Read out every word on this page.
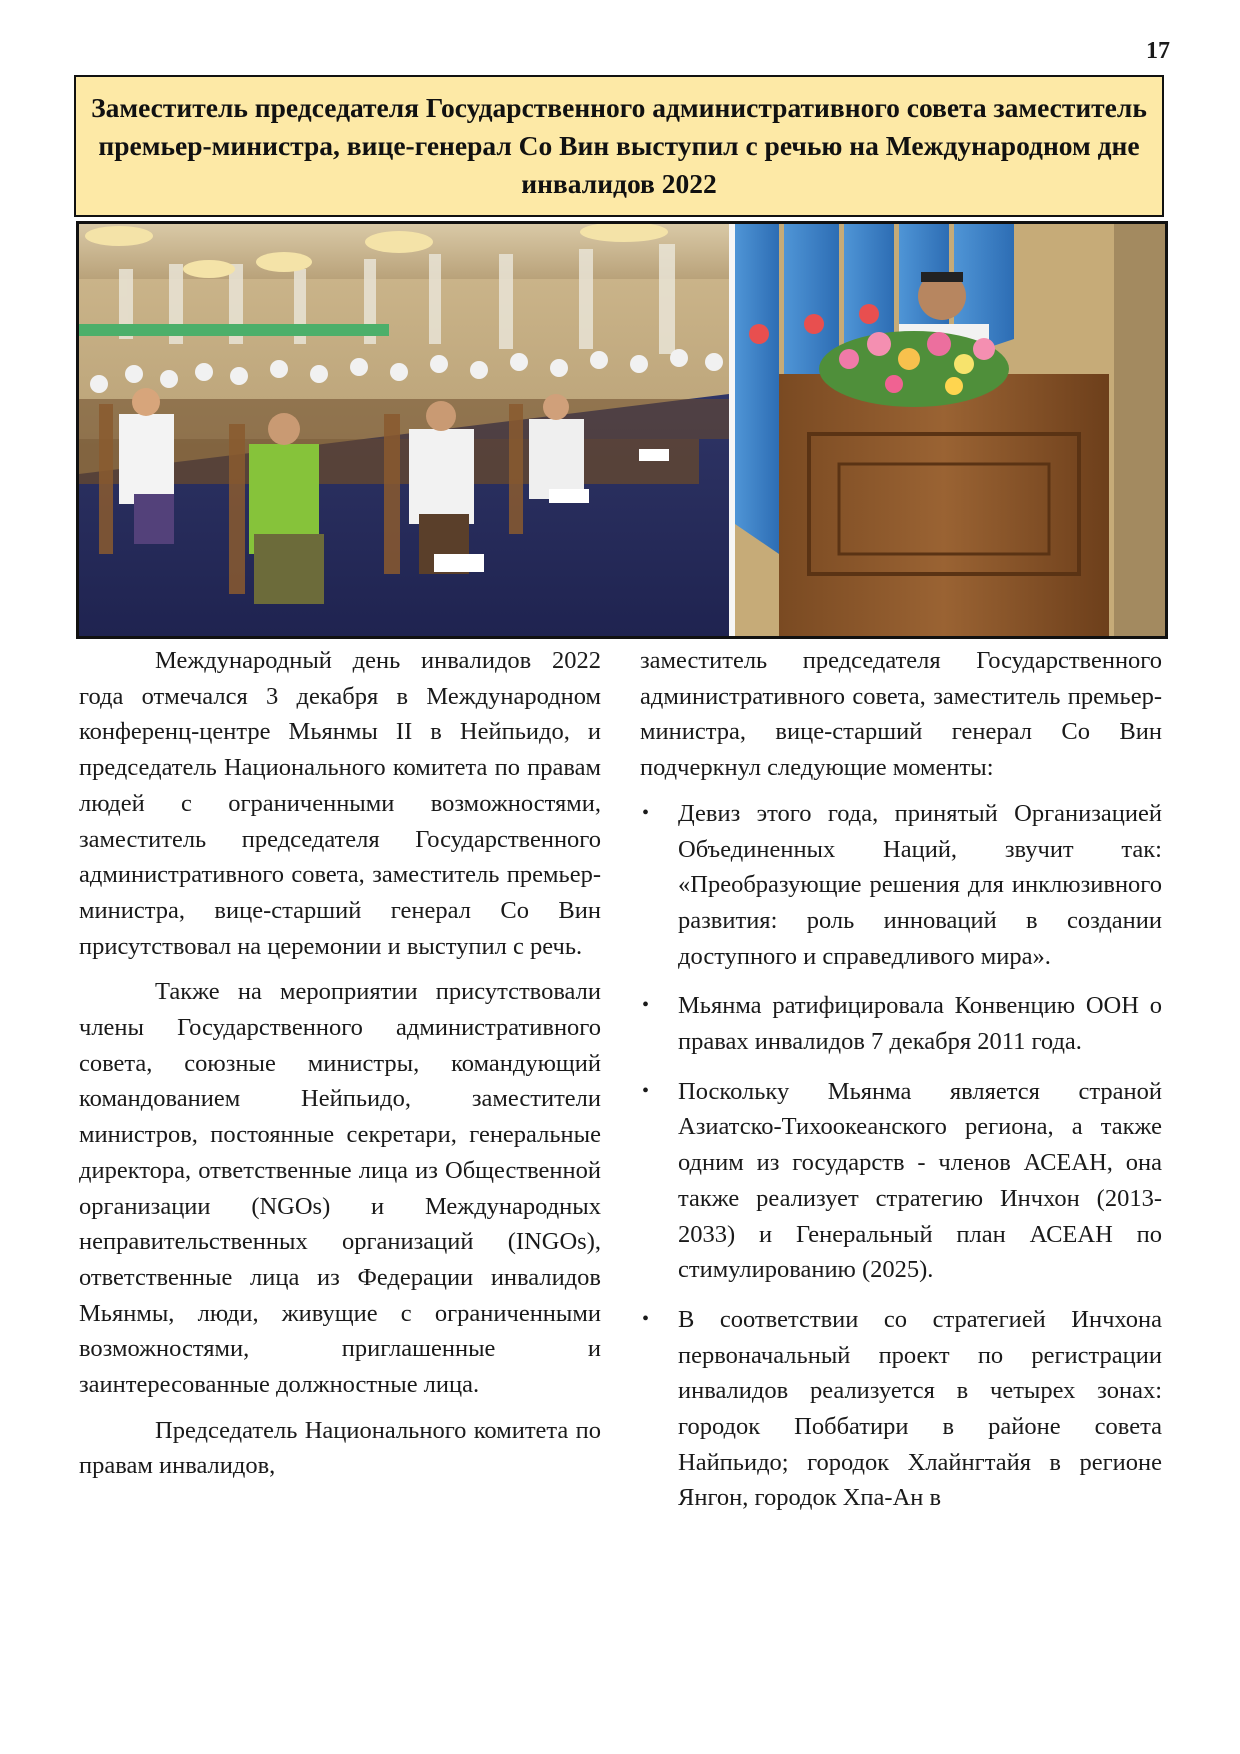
17
Заместитель председателя Государственного административного совета заместитель премьер-министра, вице-генерал Со Вин выступил с речью на Международном дне инвалидов 2022

Международный день инвалидов 2022 года отмечался 3 декабря в Международном конференц-центре Мьянмы II в Нейпьидо, и председатель Национального комитета по правам людей с ограниченными возможностями, заместитель председателя Государственного административного совета, заместитель премьер-министра, вице-старший генерал Со Вин присутствовал на церемонии и выступил с речь.

Также на мероприятии присутствовали члены Государственного административного совета, союзные министры, командующий командованием Нейпьидо, заместители министров, постоянные секретари, генеральные директора, ответственные лица из Общественной организации (NGOs) и Международных неправительственных организаций (INGOs), ответственные лица из Федерации инвалидов Мьянмы, люди, живущие с ограниченными возможностями, приглашенные и заинтересованные должностные лица.

Председатель Национального комитета по правам инвалидов,

заместитель председателя Государственного административного совета, заместитель премьер-министра, вице-старший генерал Со Вин подчеркнул следующие моменты:

• Девиз этого года, принятый Организацией Объединенных Наций, звучит так: «Преобразующие решения для инклюзивного развития: роль инноваций в создании доступного и справедливого мира».
• Мьянма ратифицировала Конвенцию ООН о правах инвалидов 7 декабря 2011 года.
• Поскольку Мьянма является страной Азиатско-Тихоокеанского региона, а также одним из государств - членов АСЕАН, она также реализует стратегию Инчхон (2013-2033) и Генеральный план АСЕАН по стимулированию (2025).
• В соответствии со стратегией Инчхона первоначальный проект по регистрации инвалидов реализуется в четырех зонах: городок Поббатири в районе совета Найпьидо; городок Хлайнгтайя в регионе Янгон, городок Хпа-Ан в
